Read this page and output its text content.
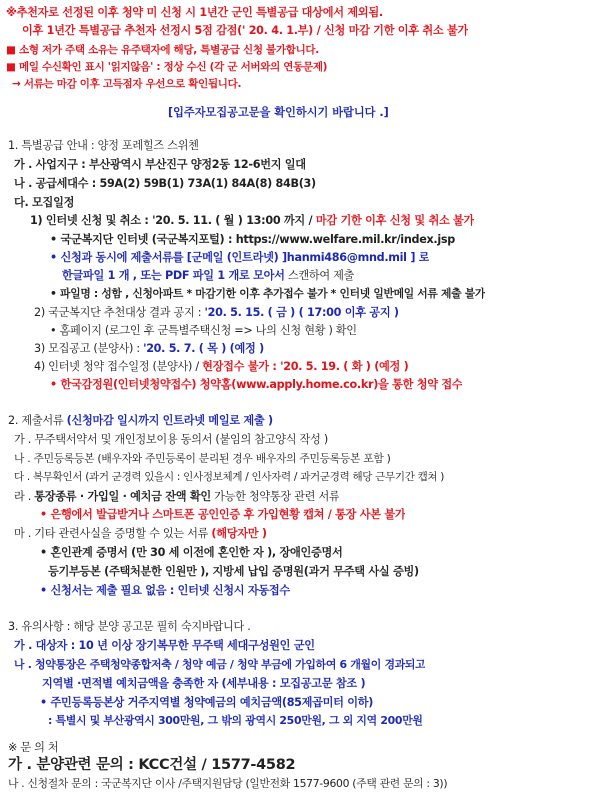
※추천자로 선정된 이후 청약 미 신청 시 1년간 군인 특별공급 대상에서 제외됨.
이후 1년간 특별공급 추천자 선정시 5점 감점(' 20. 4. 1.부) / 신청 마감 기한 이후 취소 불가
■ 소형 저가 주택 소유는 유주택자에 해당, 특별공급 신청 불가합니다.
■ 메일 수신확인 표시 '읽지않음' : 정상 수신 (각 군 서버와의 연동문제)
→ 서류는 마감 이후 고득점자 우선으로 확인됩니다.
[입주자모집공고문을 확인하시기 바랍니다 .]
1. 특별공급 안내 : 양정 포레힐즈 스위첸
가 . 사업지구 : 부산광역시 부산진구 양정2동 12-6번지 일대
나 . 공급세대수 : 59A(2) 59B(1) 73A(1) 84A(8) 84B(3)
다. 모집일정
1) 인터넷 신청 및 취소 : '20. 5. 11. ( 월 ) 13:00 까지 / 마감 기한 이후 신청 및 취소 불가
• 국군복지단 인터넷 (국군복지포털) : https://www.welfare.mil.kr/index.jsp
• 신청과 동시에 제출서류를 [군메일 (인트라넷) ]hanmi486@mnd.mil ] 로
한글파일 1 개 , 또는 PDF 파일 1 개로 모아서 스캔하여 제출
• 파일명 : 성함 , 신청아파트 * 마감기한 이후 추가접수 불가 * 인터넷 일반메일 서류 제출 불가
2) 국군복지단 추천대상 결과 공지 : '20. 5. 15. ( 금 ) ( 17:00 이후 공지 )
• 홈페이지 (로그인 후 군특별주택신청 => 나의 신청 현황 ) 확인
3) 모집공고 (분양사) : '20. 5. 7. ( 목 ) (예정 )
4) 인터넷 청약 접수일정 (분양사) / 현장접수 불가 : '20. 5. 19. ( 화 ) (예정 )
• 한국감정원(인터넷청약접수) 청약홈(www.apply.home.co.kr)을 통한 청약 접수
2. 제출서류 (신청마감 일시까지 인트라넷 메일로 제출 )
가 . 무주택서약서 및 개인정보이용 동의서 (붙임의 참고양식 작성 )
나 . 주민등록등본 (배우자와 주민등록이 분리된 경우 배우자의 주민등록등본 포함 )
다 . 복무확인서 (과거 군경력 있을시 : 인사정보체계 / 인사자력 / 과거군경력 해당 근무기간 캡쳐 )
라 . 통장종류 · 가입일 · 예치금 잔액 확인 가능한 청약통장 관련 서류
• 은행에서 발급받거나 스마트폰 공인인증 후 가입현황 캡쳐 / 통장 사본 불가
마 . 기타 관련사실을 증명할 수 있는 서류 (해당자만 )
• 혼인관계 증명서 (만 30 세 이전에 혼인한 자 ), 장애인증명서
등기부등본 (주택처분한 인원만 ), 지방세 납입 증명원(과거 무주택 사실 증빙)
• 신청서는 제출 필요 없음 : 인터넷 신청시 자동접수
3. 유의사항 : 해당 분양 공고문 필히 숙지바랍니다 .
가 . 대상자 : 10 년 이상 장기복무한 무주택 세대구성원인 군인
나 . 청약통장은 주택청약종합저축 / 청약 예금 / 청약 부금에 가입하여 6 개월이 경과되고
지역별 ·면적별 예치금액을 충족한 자 (세부내용 : 모집공고문 참조 )
• 주민등록등본상 거주지역별 청약예금의 예치금액(85제곱미터 이하)
: 특별시 및 부산광역시 300만원, 그 밖의 광역시 250만원, 그 외 지역 200만원
※ 문 의 처
가 . 분양관련 문의 : KCC건설 / 1577-4582
나 . 신청절차 문의 : 국군복지단 이사 /주택지원담당 (일반전화 1577-9600 (주택 관련 문의 : 3))
